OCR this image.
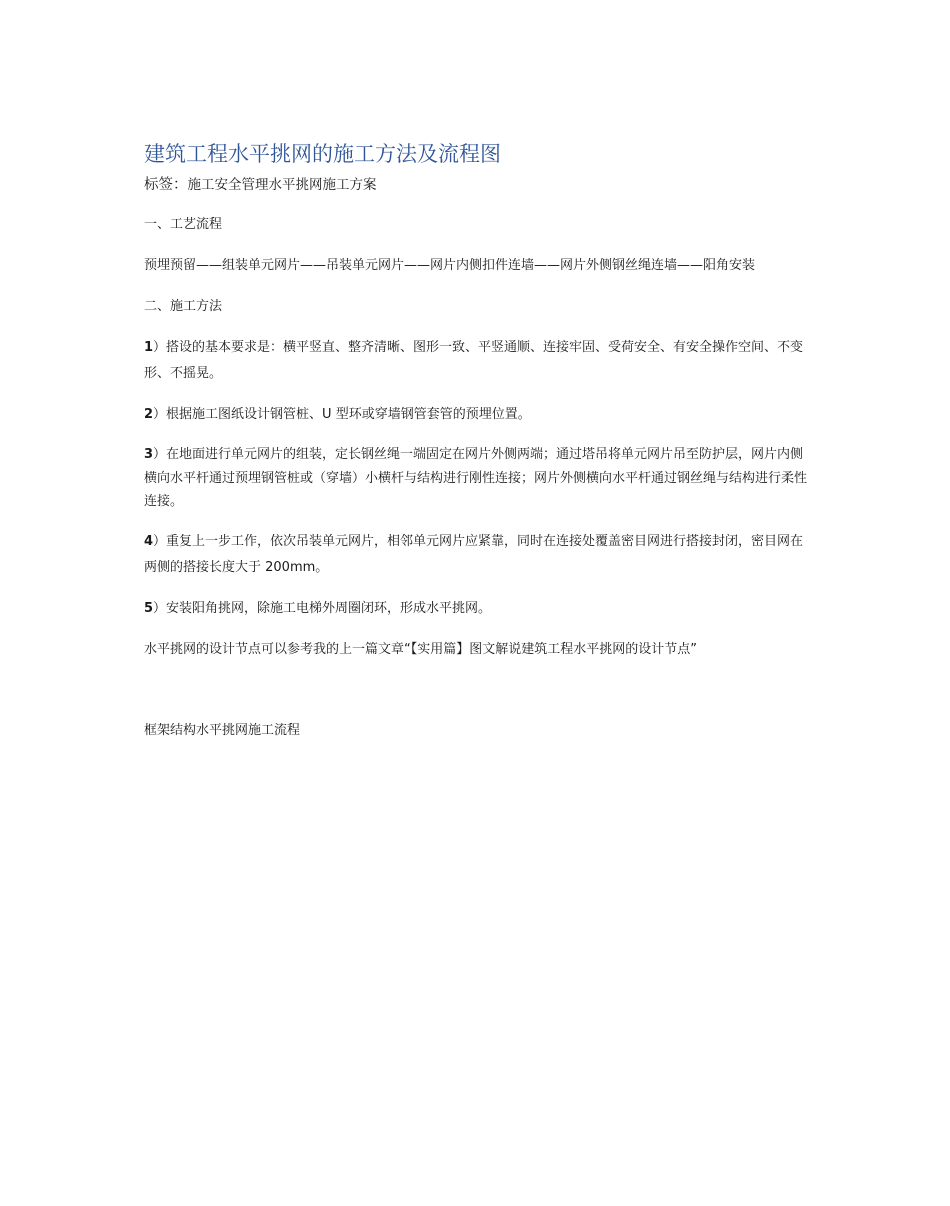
建筑工程水平挑网的施工方法及流程图
标签：施工安全管理水平挑网施工方案
一、工艺流程
预埋预留——组装单元网片——吊装单元网片——网片内侧扣件连墙——网片外侧钢丝绳连墙——阳角安装
二、施工方法
1）搭设的基本要求是：横平竖直、整齐清晰、图形一致、平竖通顺、连接牢固、受荷安全、有安全操作空间、不变形、不摇晃。
2）根据施工图纸设计钢管桩、U 型环或穿墙钢管套管的预埋位置。
3）在地面进行单元网片的组装，定长钢丝绳一端固定在网片外侧两端；通过塔吊将单元网片吊至防护层，网片内侧横向水平杆通过预埋钢管桩或（穿墙）小横杆与结构进行刚性连接；网片外侧横向水平杆通过钢丝绳与结构进行柔性连接。
4）重复上一步工作，依次吊装单元网片，相邻单元网片应紧靠，同时在连接处覆盖密目网进行搭接封闭，密目网在两侧的搭接长度大于 200mm。
5）安装阳角挑网，除施工电梯外周圈闭环，形成水平挑网。
水平挑网的设计节点可以参考我的上一篇文章“【实用篇】图文解说建筑工程水平挑网的设计节点”
框架结构水平挑网施工流程
